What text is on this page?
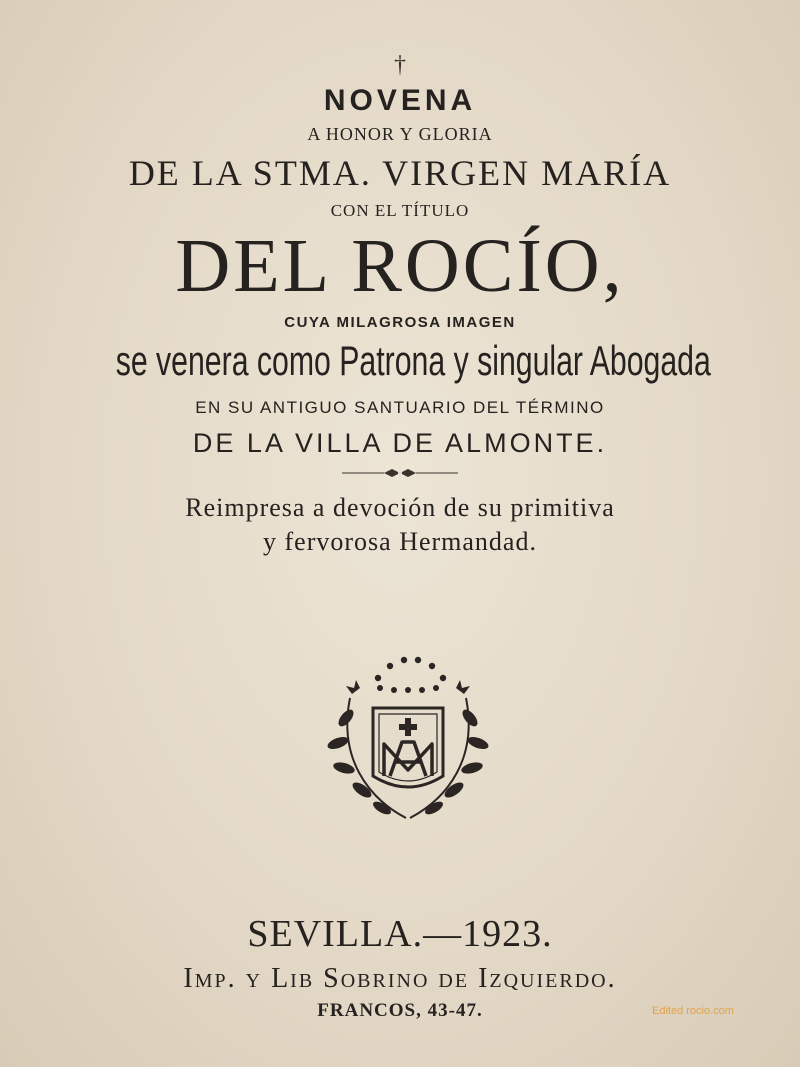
†
NOVENA
A HONOR Y GLORIA
DE LA STMA. VIRGEN MARÍA
CON EL TÍTULO
DEL ROCÍO,
CUYA MILAGROSA IMAGEN
se venera como Patrona y singular Abogada
EN SU ANTIGUO SANTUARIO DEL TÉRMINO
DE LA VILLA DE ALMONTE.
Reimpresa a devoción de su primitiva
y fervorosa Hermandad.
SEVILLA.—1923.
Imp. y Lib Sobrino de Izquierdo.
FRANCOS, 43-47.	Edited rocio.com
